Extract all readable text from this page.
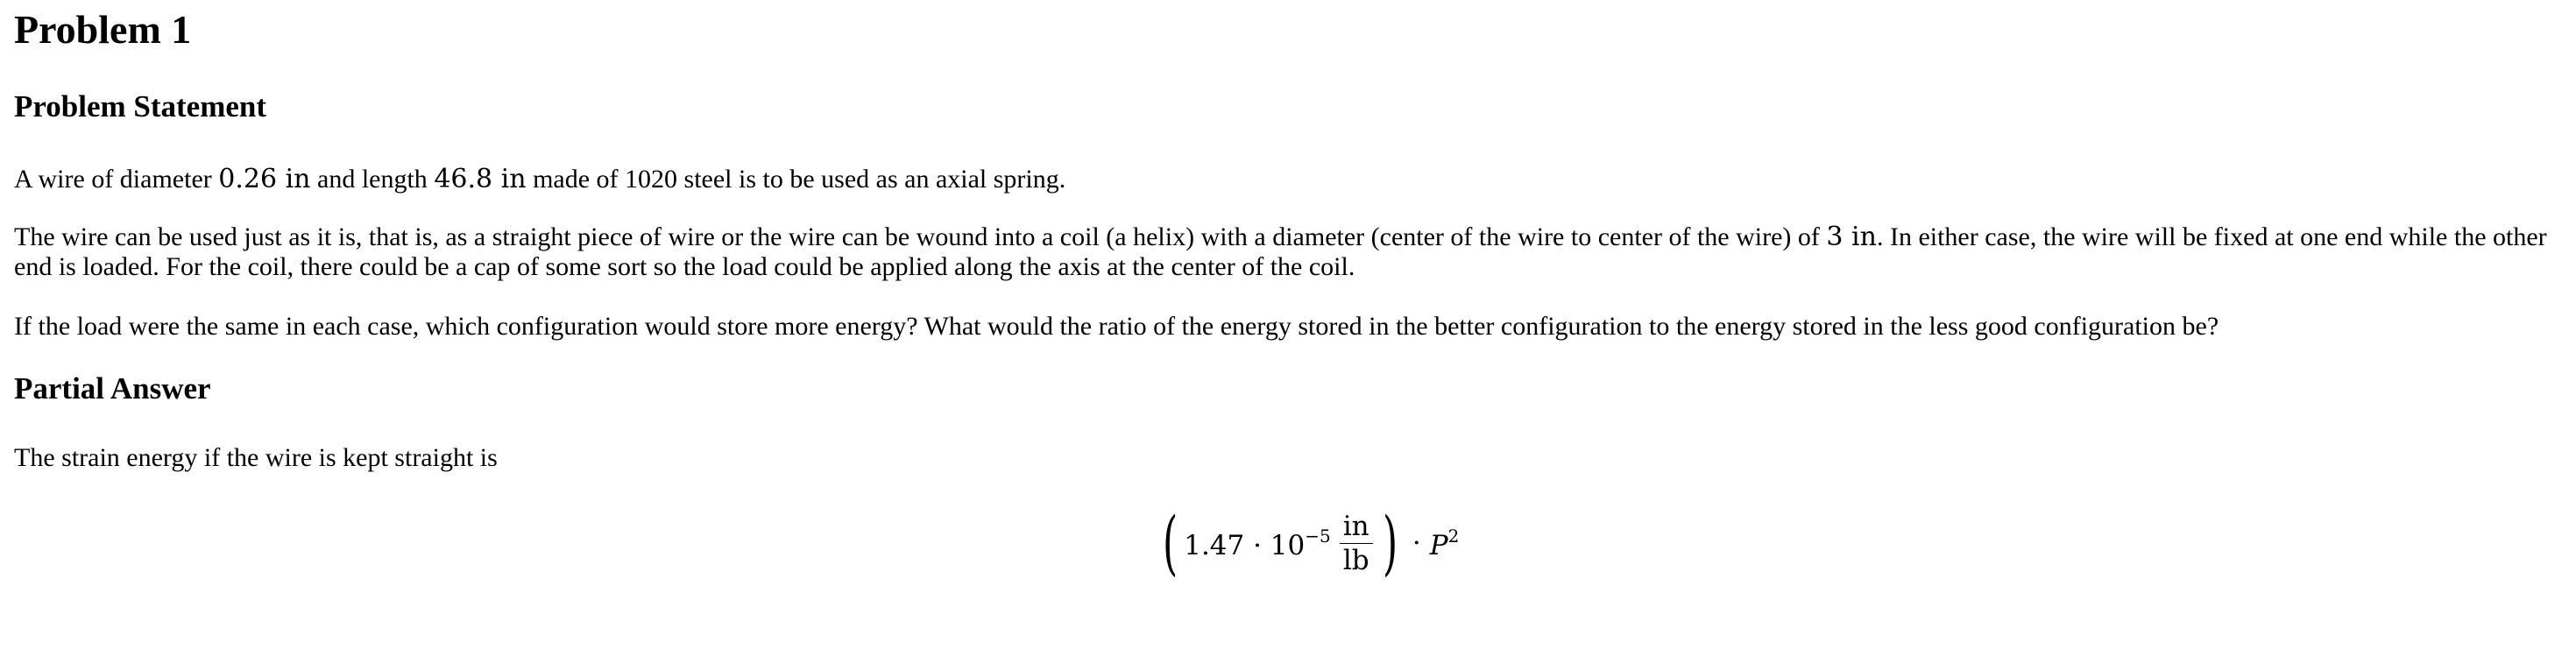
Problem 1
Problem Statement

A wire of diameter 0.26 in and length 46.8 in made of 1020 steel is to be used as an axial spring.

The wire can be used just as it is, that is, as a straight piece of wire or the wire can be wound into a coil (a helix) with a diameter (center of the wire to center of the wire) of 3 in. In either case, the wire will be fixed at one end while the other end is loaded. For the coil, there could be a cap of some sort so the load could be applied along the axis at the center of the coil.

If the load were the same in each case, which configuration would store more energy? What would the ratio of the energy stored in the better configuration to the energy stored in the less good configuration be?

Partial Answer

The strain energy if the wire is kept straight is

( $1.47 \cdot 10^{-5} \frac{in}{lb}$ ) · $P^2$
